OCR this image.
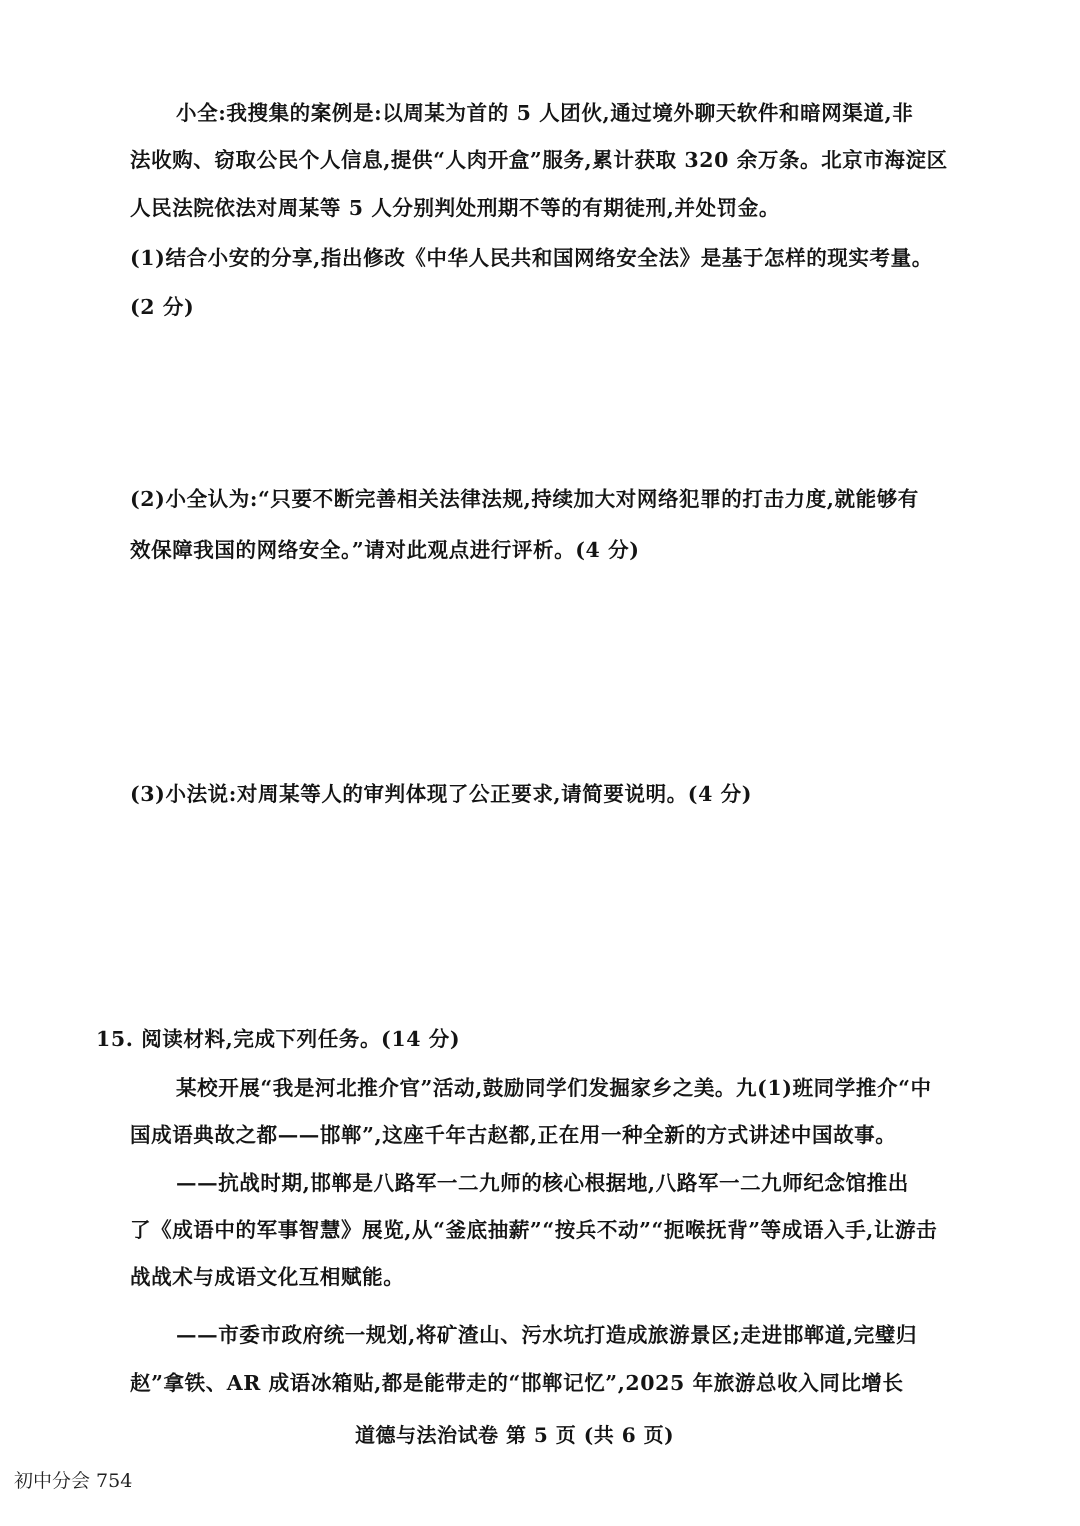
小全:我搜集的案例是:以周某为首的 5 人团伙,通过境外聊天软件和暗网渠道,非
法收购、窃取公民个人信息,提供“人肉开盒”服务,累计获取 320 余万条。北京市海淀区
人民法院依法对周某等 5 人分别判处刑期不等的有期徒刑,并处罚金。
(1)结合小安的分享,指出修改《中华人民共和国网络安全法》是基于怎样的现实考量。
(2 分)
(2)小全认为:“只要不断完善相关法律法规,持续加大对网络犯罪的打击力度,就能够有
效保障我国的网络安全。”请对此观点进行评析。(4 分)
(3)小法说:对周某等人的审判体现了公正要求,请简要说明。(4 分)
15. 阅读材料,完成下列任务。(14 分)
某校开展“我是河北推介官”活动,鼓励同学们发掘家乡之美。九(1)班同学推介“中
国成语典故之都——邯郸”,这座千年古赵都,正在用一种全新的方式讲述中国故事。
——抗战时期,邯郸是八路军一二九师的核心根据地,八路军一二九师纪念馆推出
了《成语中的军事智慧》展览,从“釜底抽薪”“按兵不动”“扼喉抚背”等成语入手,让游击
战战术与成语文化互相赋能。
——市委市政府统一规划,将矿渣山、污水坑打造成旅游景区;走进邯郸道,完璧归
赵”拿铁、AR 成语冰箱贴,都是能带走的“邯郸记忆”,2025 年旅游总收入同比增长
道德与法治试卷 第 5 页 (共 6 页)
初中分会 754
